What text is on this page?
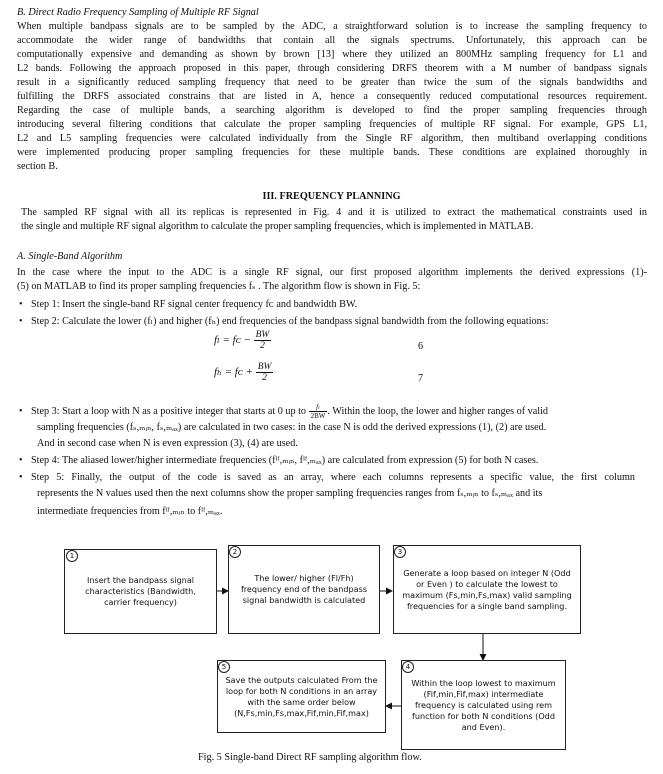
B. Direct Radio Frequency Sampling of Multiple RF Signal
When multiple bandpass signals are to be sampled by the ADC, a straightforward solution is to increase the sampling frequency to
accommodate the wider range of bandwidths that contain all the signals spectrums. Unfortunately, this approach can be
computationally expensive and demanding as shown by brown [13] where they utilized an 800MHz sampling frequency for L1 and
L2 bands. Following the approach proposed in this paper, through considering DRFS theorem with a M number of bandpass signals
result in a significantly reduced sampling frequency that need to be greater than twice the sum of the signals bandwidths and
fulfilling the DRFS associated constrains that are listed in A, hence a consequently reduced computational resources requirement.
Regarding the case of multiple bands, a searching algorithm is developed to find the proper sampling frequencies through
introducing several filtering conditions that calculate the proper sampling frequencies of multiple RF signal. For example, GPS L1,
L2 and L5 sampling frequencies were calculated individually from the Single RF algorithm, then multiband overlapping conditions
were implemented producing proper sampling frequencies for these multiple bands. These conditions are explained thoroughly in
section B.
III. FREQUENCY PLANNING
The sampled RF signal with all its replicas is represented in Fig. 4 and it is utilized to extract the mathematical constraints used in
the single and multiple RF signal algorithm to calculate the proper sampling frequencies, which is implemented in MATLAB.
A. Single-Band Algorithm
In the case where the input to the ADC is a single RF signal, our first proposed algorithm implements the derived expressions (1)-
(5) on MATLAB to find its proper sampling frequencies fₛ . The algorithm flow is shown in Fig. 5:
• Step 1: Insert the single-band RF signal center frequency fᴄ and bandwidth BW.
• Step 2: Calculate the lower (fₗ) and higher (fₕ) end frequencies of the bandpass signal bandwidth from the following equations:
fₗ = fᴄ − $\frac{BW}{2}$	6
fₕ = fᴄ + $\frac{BW}{2}$	7
• Step 3: Start a loop with N as a positive integer that starts at 0 up to $\frac{\text{fₗ}}{2BW}$ . Within the loop, the lower and higher ranges of valid
sampling frequencies (fₛ,ₘᵢₙ, fₛ,ₘₐₓ) are calculated in two cases: in the case N is odd the derived expressions (1), (2) are used.
And in second case when N is even expression (3), (4) are used.
• Step 4: The aliased lower/higher intermediate frequencies (fᴵᶠ,ₘᵢₙ, fᴵᶠ,ₘₐₓ) are calculated from expression (5) for both N cases.
• Step 5: Finally, the output of the code is saved as an array, where each columns represents a specific value, the first column
represents the N values used then the next columns show the proper sampling frequencies ranges from fₛ,ₘᵢₙ to fₛ,ₘₐₓ and its
intermediate frequencies from fᴵᶠ,ₘᵢₙ to fᴵᶠ,ₘₐₓ.
Insert the bandpass signal characteristics (Bandwidth, carrier frequency)
1
The lower/ higher (Fl/Fh) frequency end of the bandpass signal bandwidth is calculated
2
Generate a loop based on integer N (Odd or Even ) to calculate the lowest to maximum (Fs,min,Fs,max) valid sampling frequencies for a single band sampling.
3
Within the loop lowest to maximum (Fif,min,Fif,max) intermediate frequency is calculated using rem function for both N conditions (Odd and Even).
4
Save the outputs calculated From the loop for both N conditions in an array with the same order below (N,Fs,min,Fs,max,Fif,min,Fif,max)
5
Fig. 5 Single-band Direct RF sampling algorithm flow.
